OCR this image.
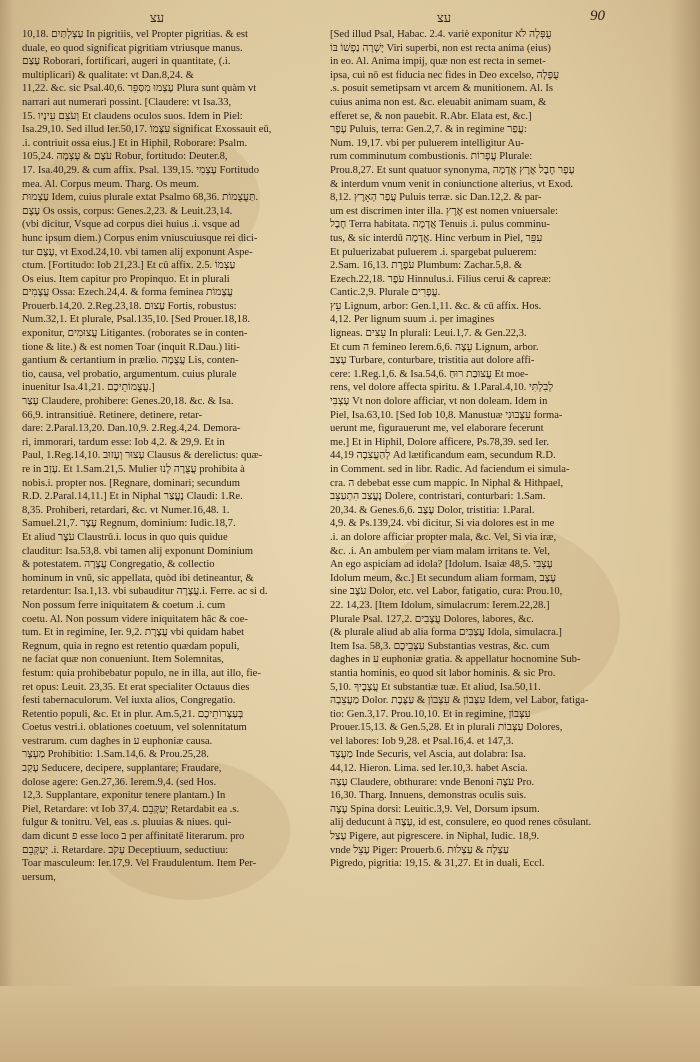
עצ	עצ	90
10,18. עַצְלְתַּיִם In pigritiis, vel Propter pigritias. & est
duale, eo quod significat pigritiam vtriusque manus.
עָצַם Roborari, fortificari, augeri in quantitate, (.i.
multiplicari) & qualitate: vt Dan.8,24. &
11,22. &c. sic Psal.40,6. עָצְמוּ מִסַּפֵּר Plura sunt quàm vt
narrari aut numerari possint. [Claudere: vt Isa.33,
15. וְעֹצֵם עֵינָיו Et claudens oculos suos. Idem in Piel:
Isa.29,10. Sed illud Ier.50,17. עִצְּמוֹ significat Exossauit eū,
.i. contriuit ossa eius.] Et in Hiphil, Roborare: Psalm.
105,24. עֹצֶם & עָצְמָה Robur, fortitudo: Deuter.8,
17. Isa.40,29. & cum affix. Psal. 139,15. עָצְמִי Fortitudo
mea. Al. Corpus meum. Tharg. Os meum.
עַצְמוּת Idem, cuius plurale extat Psalmo 68,36. תַּעֲצֻמוֹת.
עֶצֶם Os ossis, corpus: Genes.2,23. & Leuit.23,14.
(vbi dicitur, Vsque ad corpus diei huius .i. vsque ad
hunc ipsum diem.) Corpus enim vniuscuiusque rei dici-
tur עֶצֶם, vt Exod.24,10. vbi tamen alij exponunt Aspe-
ctum. [Fortitudo: Iob 21,23.] Et cū affix. 2.5. עַצְמוֹ
Os eius. Item capitur pro Propinquo. Et in plurali
עֲצָמִים Ossa: Ezech.24,4. & forma feminea עֲצָמוֹת
Prouerb.14,20. 2.Reg.23,18. עָצוּם Fortis, robustus:
Num.32,1. Et plurale, Psal.135,10. [Sed Prouer.18,18.
exponitur, עֲצוּמִים Litigantes. (roborates se in conten-
tione & lite.) & est nomen Toar (inquit R.Dau.) liti-
gantium & certantium in prælio. עֲצֻמָה Lis, conten-
tio, causa, vel probatio, argumentum. cuius plurale
inuenitur Isa.41,21. עֲצֻמוֹתֵיכֶם.]
עָצַר Claudere, prohibere: Genes.20,18. &c. & Isa.
66,9. intransitiuè. Retinere, detinere, retar-
dare: 2.Paral.13,20. Dan.10,9. 2.Reg.4,24. Demora-
ri, immorari, tardum esse: Iob 4,2. & 29,9. Et in
Paul, 1.Reg.14,10. עָצוּר וְעָזוּב Clausus & derelictus: quæ-
re in עָזַב. Et 1.Sam.21,5. Mulier עֲצֻרָה לָנוּ prohibita à
nobis.i. propter nos. [Regnare, dominari; secundum
R.D. 2.Paral.14,11.] Et in Niphal נֶעֱצַר Claudi: 1.Re.
8,35. Prohiberi, retardari, &c. vt Numer.16,48. 1.
Samuel.21,7. עֶצֶר Regnum, dominium: Iudic.18,7.
Et aliud עֹצֶר Claustrū.i. locus in quo quis quidue
clauditur: Isa.53,8. vbi tamen alij exponunt Dominium
& potestatem. עֲצָרָה Congregatio, & collectio
hominum in vnū, sic appellata, quòd ibi detineantur, &
retardentur: Isa.1,13. vbi subauditur עֲצָרָה.i. Ferre. ac si d.
Non possum ferre iniquitatem & coetum .i. cum
coetu. Al. Non possum videre iniquitatem hâc & coe-
tum. Et in regimine, Ier. 9,2. עֲצֶרֶת vbi quidam habet
Regnum, quia in regno est retentio quædam populi,
ne faciat quæ non conueniunt. Item Solemnitas,
festum: quia prohibebatur populo, ne in illa, aut illo, fie-
ret opus: Leuit. 23,35. Et erat specialiter Octauus dies
festi tabernaculorum. Vel iuxta alios, Congregatio.
Retentio populi, &c. Et in plur. Am.5,21. בְּעַצְּרוֹתֵיכֶם
Coetus vestri.i. oblationes coetuum, vel solennitatum
vestrarum. cum daghes in ע euphoniæ causa.
מַעְצָר Prohibitio: 1.Sam.14,6. & Prou.25,28.
עָקַב Seducere, decipere, supplantare; Fraudare,
dolose agere: Gen.27,36. Ierem.9,4. (sed Hos.
12,3. Supplantare, exponitur tenere plantam.) In
Piel, Retardare: vt Iob 37,4. יְעַקְּבֵם Retardabit ea .s.
fulgur & tonitru. Vel, eas .s. pluuias & niues. qui-
dam dicunt פ esse loco ב per affinitatē literarum. pro
יְעַקְּבֵם .i. Retardare. עָקֹב Deceptiuum, seductiuu:
Toar masculeum: Ier.17,9. Vel Fraudulentum. Item Per-
uersum,
[Sed illud Psal, Habac. 2.4. variè exponitur עֻפְּלָה לֹא
יָשְׁרָה נַפְשׁוֹ בּוֹ Viri superbi, non est recta anima (eius)
in eo. Al. Anima impij, quæ non est recta in semet-
ipsa, cui nō est fiducia nec fides in Deo excelso, עֻפְּלָה
.s. posuit semetipsam vt arcem & munitionem. Al. Is
cuius anima non est. &c. eleuabit animam suam, &
efferet se, & non pauebit. R.Abr. Elata est, &c.]
עָפָר Puluis, terra: Gen.2,7. & in regimine עֲפַר:
Num. 19,17. vbi per puluerem intelligitur Au-
rum comminutum combustionis. עֲפָרוֹת Plurale:
Prou.8,27. Et sunt quatuor synonyma, עָפָר חֶבֶל אֶרֶץ אֲדָמָה
& interdum vnum venit in coniunctione alterius, vt Exod.
8,12. עֲפַר הָאָרֶץ Puluis terræ. sic Dan.12,2. & par-
um est discrimen inter illa. אֶרֶץ est nomen vniuersale:
חֶבֶל Terra habitata. אֲדָמָה Tenuis .i. pulus comminu-
tus, & sic interdū אֲדָמָה. Hinc verbum in Piel, עִפֵּר
Et puluerizabat puluerem .i. spargebat puluerem:
2.Sam. 16,13. עֹפֶרֶת Plumbum: Zachar.5,8. &
Ezech.22,18. עֹפֶר Hinnulus.i. Filius cerui & capreæ:
Cantic.2,9. Plurale עֳפָרִים.
עֵץ Lignum, arbor: Gen.1,11. &c. & cū affix. Hos.
4,12. Per lignum suum .i. per imagines
ligneas. עֵצִים In plurali: Leui.1,7. & Gen.22,3.
Et cum ה femineo Ierem.6,6. עֵצָה Lignum, arbor.
עָצַב Turbare, conturbare, tristitia aut dolore affi-
cere: 1.Reg.1,6. & Isa.54,6. עֲצוּבַת רוּחַ Et moe-
rens, vel dolore affecta spiritu. & 1.Paral.4,10. לְבִלְתִּי
עָצְבִּי Vt non dolore afficiar, vt non doleam. Idem in
Piel, Isa.63,10. [Sed Iob 10,8. Manustuæ עִצְּבוּנִי forma-
uerunt me, figurauerunt me, vel elaborare fecerunt
me.] Et in Hiphil, Dolore afficere, Ps.78,39. sed Ier.
44,19 לְהַעֲצִבָה Ad lætificandum eam, secundum R.D.
in Comment. sed in libr. Radic. Ad faciendum ei simula-
cra. ה debebat esse cum mappic. In Niphal & Hithpael,
נֶעֱצַב הִתְעַצֵּב Dolere, contristari, conturbari: 1.Sam.
20,34. & Genes.6,6. עֶצֶב Dolor, tristitia: 1.Paral.
4,9. & Ps.139,24. vbi dicitur, Si via dolores est in me
.i. an dolore afficiar propter mala, &c. Vel, Si via iræ,
&c. .i. An ambulem per viam malam irritans te. Vel,
An ego aspiciam ad idola? [Idolum. Isaiæ 48,5. עָצְבִּי
Idolum meum, &c.] Et secundum aliam formam, עָצָב
sine עֹצֶב Dolor, etc. vel Labor, fatigatio, cura: Prou.10,
22. 14,23. [Item Idolum, simulacrum: Ierem.22,28.]
Plurale Psal. 127,2. עֲצָבִים Dolores, labores, &c.
(& plurale aliud ab alia forma עֲצַבִּים Idola, simulacra.]
Item Isa. 58,3. עַצְּבֵיכֶם Substantias vestras, &c. cum
daghes in ע euphoniæ gratia. & appellatur hocnomine Sub-
stantia hominis, eo quod sit labor hominis. & sic Pro.
5,10. עֲצָבֶיךָ Et substantiæ tuæ. Et aliud, Isa.50,11.
מַעֲצֵבָה Dolor. עִצָּבוֹן & עִצְּבוֹן & עַצֶּבֶת Idem, vel Labor, fatiga-
tio: Gen.3,17. Prou.10,10. Et in regimine, עִצְּבוֹן
Prouer.15,13. & Gen.5,28. Et in plurali עַצְּבוֹת Dolores,
vel labores: Iob 9,28. et Psal.16,4. et 147,3.
מַעֲצָד Inde Securis, vel Ascia, aut dolabra: Isa.
44,12. Hieron. Lima. sed Ier.10,3. habet Ascia.
עָצָה Claudere, obthurare: vnde Benoni עֹצֶה Pro.
16,30. Tharg. Innuens, demonstras oculis suis.
עָצֶה Spina dorsi: Leuitic.3,9. Vel, Dorsum ipsum.
alij deducunt à עָצָה, id est, consulere, eo quod renes cōsulant.
עָצַל Pigere, aut pigrescere. in Niphal, Iudic. 18,9.
vnde עָצֵל Piger: Prouerb.6. עַצְלָה & עַצְלוּת
Pigredo, pigritia: 19,15. & 31,27. Et in duali, Eccl.
